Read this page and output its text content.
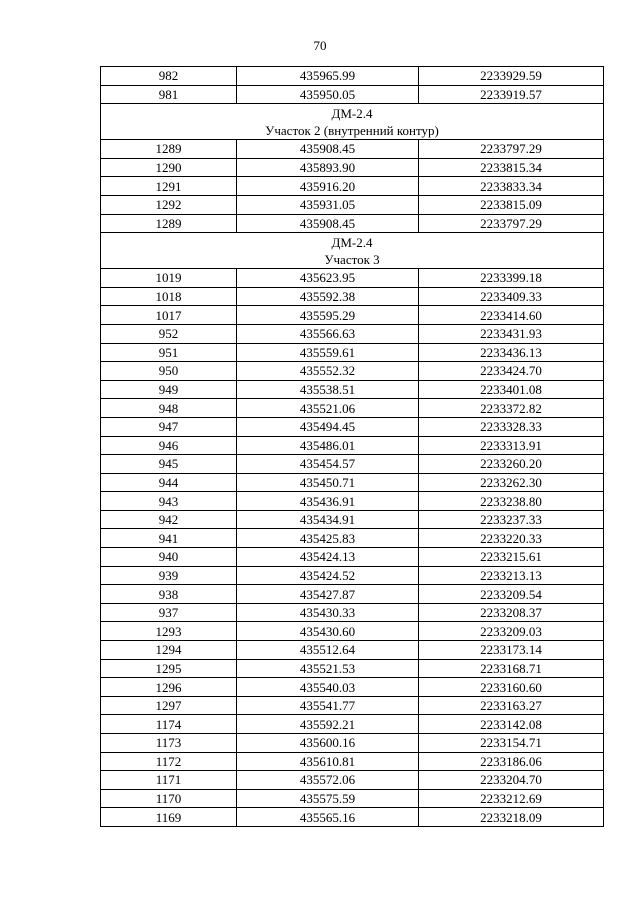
70
982	435965.99	2233929.59
981	435950.05	2233919.57

ДМ-2.4
Участок 2 (внутренний контур)		

1289	435908.45	2233797.29
1290	435893.90	2233815.34
1291	435916.20	2233833.34
1292	435931.05	2233815.09
1289	435908.45	2233797.29

ДМ-2.4
Участок 3		

1019	435623.95	2233399.18
1018	435592.38	2233409.33
1017	435595.29	2233414.60
952	435566.63	2233431.93
951	435559.61	2233436.13
950	435552.32	2233424.70
949	435538.51	2233401.08
948	435521.06	2233372.82
947	435494.45	2233328.33
946	435486.01	2233313.91
945	435454.57	2233260.20
944	435450.71	2233262.30
943	435436.91	2233238.80
942	435434.91	2233237.33
941	435425.83	2233220.33
940	435424.13	2233215.61
939	435424.52	2233213.13
938	435427.87	2233209.54
937	435430.33	2233208.37
1293	435430.60	2233209.03
1294	435512.64	2233173.14
1295	435521.53	2233168.71
1296	435540.03	2233160.60
1297	435541.77	2233163.27
1174	435592.21	2233142.08
1173	435600.16	2233154.71
1172	435610.81	2233186.06
1171	435572.06	2233204.70
1170	435575.59	2233212.69
1169	435565.16	2233218.09
